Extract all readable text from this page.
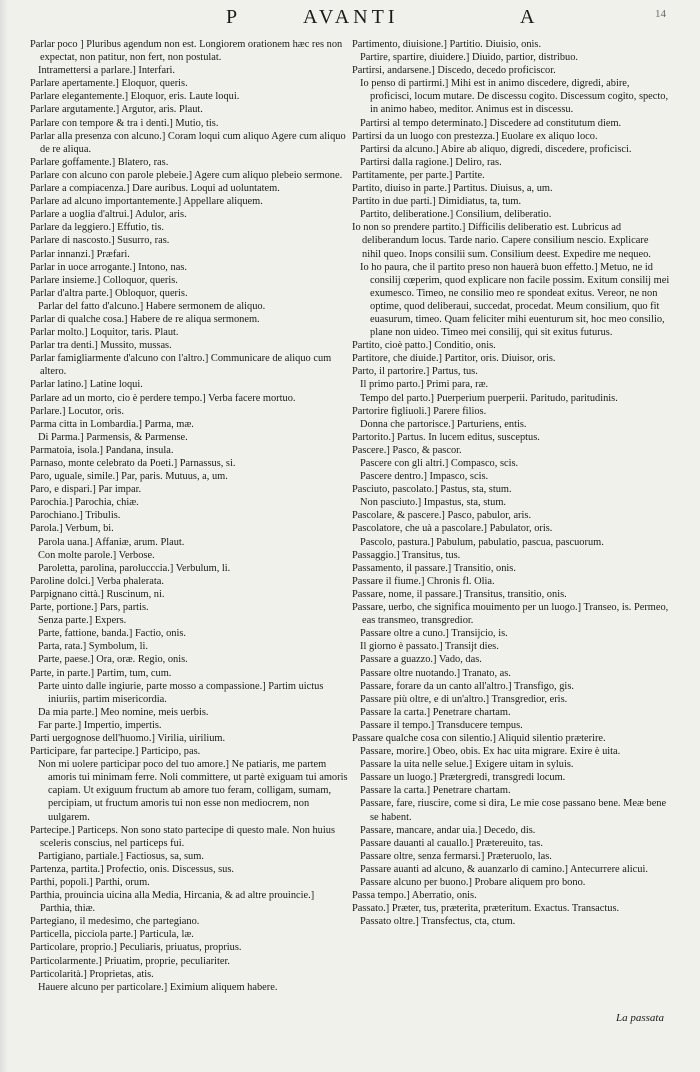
P	AVANTI	A	14

Parlar poco ] Pluribus agendum non est. Longiorem orationem hæc res non expectat, non patitur, non fert, non postulat.

Intramettersi a parlare.] Interfari.

Parlare apertamente.] Eloquor, queris.

Parlare elegantemente.] Eloquor, eris. Laute loqui.

Parlare argutamente.] Argutor, aris. Plaut.

Parlare con tempore & tra i denti.] Mutio, tis.

Parlar alla presenza con alcuno.] Coram loqui cum aliquo Agere cum aliquo de re aliqua.

Parlare goffamente.] Blatero, ras.

Parlare con alcuno con parole plebeie.] Agere cum aliquo plebeio sermone.

Parlare a compiacenza.] Dare auribus. Loqui ad uoluntatem.

Parlare ad alcuno importantemente.] Appellare aliquem.

Parlare a uoglia d'altrui.] Adulor, aris.

Parlare da leggiero.] Effutio, tis.

Parlare di nascosto.] Susurro, ras.

Parlar innanzi.] Præfari.

Parlar in uoce arrogante.] Intono, nas.

Parlare insieme.] Colloquor, queris.

Parlar d'altra parte.] Obloquor, queris.

Parlar del fatto d'alcuno.] Habere sermonem de aliquo.

Parlar di qualche cosa.] Habere de re aliqua sermonem.

Parlar molto.] Loquitor, taris. Plaut.

Parlar tra denti.] Mussito, mussas.

Parlar famigliarmente d'alcuno con l'altro.] Communicare de aliquo cum altero.

Parlar latino.] Latine loqui.

Parlare ad un morto, cio è perdere tempo.] Verba facere mortuo.

Parlare.] Locutor, oris.

Parma citta in Lombardia.] Parma, mæ.

Di Parma.] Parmensis, & Parmense.

Parmatoia, isola.] Pandana, insula.

Parnaso, monte celebrato da Poeti.] Parnassus, si.

Paro, uguale, simile.] Par, paris. Mutuus, a, um.

Paro, e dispari.] Par impar.

Parochia.] Parochia, chiæ.

Parochiano.] Tribulis.

Parola.] Verbum, bi.

Parola uana.] Affaniæ, arum. Plaut.

Con molte parole.] Verbose.

Paroletta, parolina, parolucccia.] Verbulum, li.

Paroline dolci.] Verba phalerata.

Parpignano città.] Ruscinum, ni.

Parte, portione.] Pars, partis.

Senza parte.] Expers.

Parte, fattione, banda.] Factio, onis.

Parta, rata.] Symbolum, li.

Parte, paese.] Ora, oræ. Regio, onis.

Parte, in parte.] Partim, tum, cum.

Parte uinto dalle ingiurie, parte mosso a compassione.] Partim uictus iniuriis, partim misericordia.

Da mia parte.] Meo nomine, meis uerbis.

Far parte.] Impertio, impertis.

Parti uergognose dell'huomo.] Virilia, uirilium.

Participare, far partecipe.] Participo, pas.

Non mi uolere participar poco del tuo amore.] Ne patiaris, me partem amoris tui minimam ferre. Noli committere, ut partè exiguam tui amoris capiam. Ut exiguum fructum ab amore tuo feram, colligam, sumam, percipiam, ut fructum amoris tui non esse non mediocrem, non uulgarem.

Partecipe.] Particeps. Non sono stato partecipe di questo male. Non huius sceleris conscius, nel particeps fui.

Partigiano, partiale.] Factiosus, sa, sum.

Partenza, partita.] Profectio, onis. Discessus, sus.

Parthi, popoli.] Parthi, orum.

Parthia, prouincia uicina alla Media, Hircania, & ad altre prouincie.] Parthia, thiæ.

Partegiano, il medesimo, che partegiano.

Particella, picciola parte.] Particula, læ.

Particolare, proprio.] Peculiaris, priuatus, proprius.

Particolarmente.] Priuatim, proprie, peculiariter.

Particolarità.] Proprietas, atis.

Hauere alcuno per particolare.] Eximium aliquem habere.

Partimento, diuisione.] Partitio. Diuisio, onis.

Partire, spartire, diuidere.] Diuido, partior, distribuo.

Partirsi, andarsene.] Discedo, decedo proficiscor.

Io penso di partirmi.] Mihi est in animo discedere, digredi, abire, proficisci, locum mutare. De discessu cogito. Discessum cogito, specto, in animo habeo, meditor. Animus est in discessu.

Partirsi al tempo determinato.] Discedere ad constitutum diem.

Partirsi da un luogo con prestezza.] Euolare ex aliquo loco.

Partirsi da alcuno.] Abire ab aliquo, digredi, discedere, proficisci.

Partirsi dalla ragione.] Deliro, ras.

Partitamente, per parte.] Partite.

Partito, diuiso in parte.] Partitus. Diuisus, a, um.

Partito in due parti.] Dimidiatus, ta, tum.

Partito, deliberatione.] Consilium, deliberatio.

Io non so prendere partito.] Difficilis deliberatio est. Lubricus ad deliberandum locus. Tarde nario. Capere consilium nescio. Explicare nihil queo. Inops consilii sum. Consilium deest. Expedire me nequeo.

Io ho paura, che il partito preso non hauerà buon effetto.] Metuo, ne id consilij cœperim, quod explicare non facile possim. Exitum consilij mei exumesco. Timeo, ne consilio meo re spondeat exitus. Vereor, ne non optime, quod deliberaui, succedat, procedat. Meum consilium, quo fit euasurum, timeo. Quam feliciter mihi euenturum sit, hoc meo consilio, plane non uideo. Timeo mei consilij, qui sit exitus futurus.

Partito, cioè patto.] Conditio, onis.

Partitore, che diuide.] Partitor, oris. Diuisor, oris.

Parto, il partorire.] Partus, tus.

Il primo parto.] Primi para, ræ.

Tempo del parto.] Puerperium puerperii. Paritudo, paritudinis.

Partorire figliuoli.] Parere filios.

Donna che partorisce.] Parturiens, entis.

Partorito.] Partus. In lucem editus, susceptus.

Pascere.] Pasco, & pascor.

Pascere con gli altri.] Compasco, scis.

Pascere dentro.] Impasco, scis.

Pasciuto, pascolato.] Pastus, sta, stum.

Non pasciuto.] Impastus, sta, stum.

Pascolare, & pascere.] Pasco, pabulor, aris.

Pascolatore, che uà a pascolare.] Pabulator, oris.

Pascolo, pastura.] Pabulum, pabulatio, pascua, pascuorum.

Passaggio.] Transitus, tus.

Passamento, il passare.] Transitio, onis.

Passare il fiume.] Chronis fl. Olia.

Passare, nome, il passare.] Transitus, transitio, onis.

Passare, uerbo, che significa mouimento per un luogo.] Transeo, is. Permeo, eas transmeo, transgredior.

Passare oltre a cuno.] Transijcio, is.

Il giorno è passato.] Transijt dies.

Passare a guazzo.] Vado, das.

Passare oltre nuotando.] Tranato, as.

Passare, forare da un canto all'altro.] Transfigo, gis.

Passare più oltre, e di un'altro.] Transgredior, eris.

Passare la carta.] Penetrare chartam.

Passare il tempo.] Transducere tempus.

Passare qualche cosa con silentio.] Aliquid silentio præterire.

Passare, morire.] Obeo, obis. Ex hac uita migrare. Exire è uita.

Passare la uita nelle selue.] Exigere uitam in syluis.

Passare un luogo.] Prætergredi, transgredi locum.

Passare la carta.] Penetrare chartam.

Passare, fare, riuscire, come si dira, Le mie cose passano bene. Meæ bene se habent.

Passare, mancare, andar uia.] Decedo, dis.

Passare dauanti al cauallo.] Prætereuito, tas.

Passare oltre, senza fermarsi.] Præteruolo, las.

Passare auanti ad alcuno, & auanzarlo di camino.] Antecurrere alicui.

Passare alcuno per buono.] Probare aliquem pro bono.

Passa tempo.] Aberratio, onis.

Passato.] Præter, tus, præterita, præteritum. Exactus. Transactus.

Passato oltre.] Transfectus, cta, ctum.

La passata
